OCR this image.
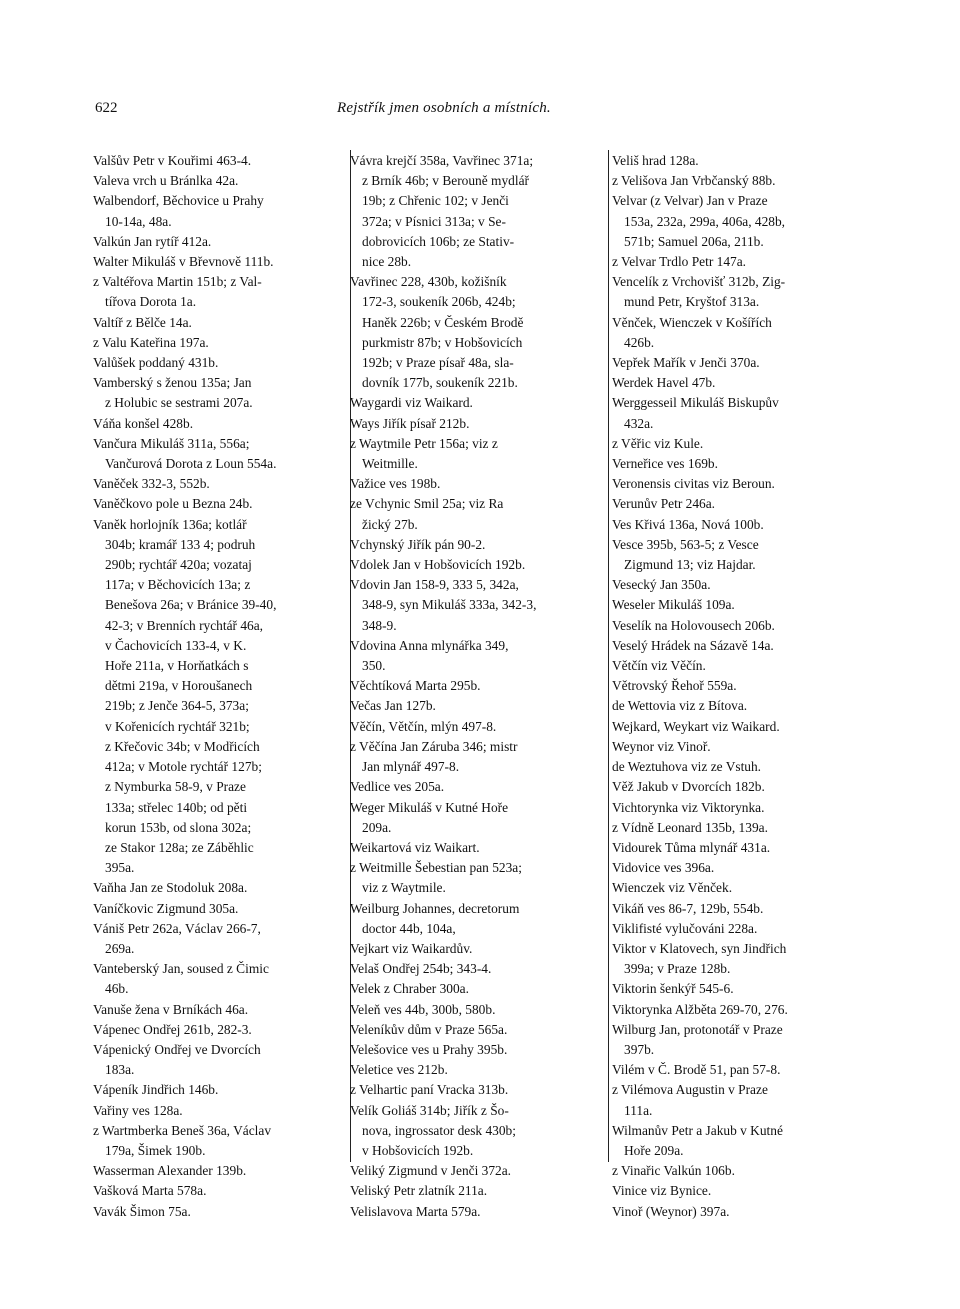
622	Rejstřík jmen osobních a místních.

Valšův Petr v Kouřimi 463-4.

Valeva vrch u Bránlka 42a.

Walbendorf, Běchovice u Prahy
10-14a, 48a.

Valkún Jan rytíř 412a.

Walter Mikuláš v Břevnově 111b.

z Valtéřova Martin 151b; z Val-
tířova Dorota 1a.

Valtíř z Bělče 14a.

z Valu Kateřina 197a.

Valůšek poddaný 431b.

Vamberský s ženou 135a; Jan
z Holubic se sestrami 207a.

Váňa konšel 428b.

Vančura Mikuláš 311a, 556a;
Vančurová Dorota z Loun 554a.

Vaněček 332-3, 552b.

Vaněčkovo pole u Bezna 24b.

Vaněk horlojník 136a; kotlář
304b; kramář 133 4; podruh
290b; rychtář 420a; vozataj
117a; v Běchovicích 13a; z
Benešova 26a; v Bránice 39-40,
42-3; v Brenních rychtář 46a,
v Čachovicích 133-4, v K.
Hoře 211a, v Horňatkách s
dětmi 219a, v Horoušanech
219b; z Jenče 364-5, 373a;
v Kořenicích rychtář 321b;
z Křečovic 34b; v Modřicích
412a; v Motole rychtář 127b;
z Nymburka 58-9, v Praze
133a; střelec 140b; od pěti
korun 153b, od slona 302a;
ze Stakor 128a; ze Záběhlic
395a.

Vaňha Jan ze Stodoluk 208a.

Vaníčkovic Zigmund 305a.

Vániš Petr 262a, Václav 266-7,
269a.

Vanteberský Jan, soused z Čimic
46b.

Vanuše žena v Brníkách 46a.

Vápenec Ondřej 261b, 282-3.

Vápenický Ondřej ve Dvorcích
183a.

Vápeník Jindřich 146b.

Vařiny ves 128a.

z Wartmberka Beneš 36a, Václav
179a, Šimek 190b.

Wasserman Alexander 139b.

Vašková Marta 578a.

Vavák Šimon 75a.

Vávra krejčí 358a, Vavřinec 371a;
z Brník 46b; v Berouně mydlář
19b; z Chřenic 102; v Jenči
372a; v Písnici 313a; v Se-
dobrovicích 106b; ze Stativ-
nice 28b.

Vavřinec 228, 430b, kožišník
172-3, soukeník 206b, 424b;
Haněk 226b; v Českém Brodě
purkmistr 87b; v Hobšovicích
192b; v Praze písař 48a, sla-
dovník 177b, soukeník 221b.

Waygardi viz Waikard.

Ways Jiřík písař 212b.

z Waytmile Petr 156a; viz z
Weitmille.

Važice ves 198b.

ze Vchynic Smil 25a; viz Ra
žický 27b.

Vchynský Jiřík pán 90-2.

Vdolek Jan v Hobšovicích 192b.

Vdovin Jan 158-9, 333 5, 342a,
348-9, syn Mikuláš 333a, 342-3,
348-9.

Vdovina Anna mlynářka 349,
350.

Věchtíková Marta 295b.

Večas Jan 127b.

Věčín, Větčín, mlýn 497-8.

z Věčína Jan Záruba 346; mistr
Jan mlynář 497-8.

Vedlice ves 205a.

Weger Mikuláš v Kutné Hoře
209a.

Weikartová viz Waikart.

z Weitmille Šebestian pan 523a;
viz z Waytmile.

Weilburg Johannes, decretorum
doctor 44b, 104a,

Vejkart viz Waikardův.

Velaš Ondřej 254b; 343-4.

Velek z Chraber 300a.

Veleň ves 44b, 300b, 580b.

Veleníkův dům v Praze 565a.

Velešovice ves u Prahy 395b.

Veletice ves 212b.

z Velhartic paní Vracka 313b.

Velík Goliáš 314b; Jiřík z Šo-
nova, ingrossator desk 430b;
v Hobšovicích 192b.

Veliký Zigmund v Jenči 372a.

Veliský Petr zlatník 211a.

Velislavova Marta 579a.

Veliš hrad 128a.

z Velišova Jan Vrbčanský 88b.

Velvar (z Velvar) Jan v Praze
153a, 232a, 299a, 406a, 428b,
571b; Samuel 206a, 211b.

z Velvar Trdlo Petr 147a.

Vencelík z Vrchovišť 312b, Zig-
mund Petr, Kryštof 313a.

Věnček, Wienczek v Košířích
426b.

Vepřek Mařík v Jenči 370a.

Werdek Havel 47b.

Werggesseil Mikuláš Biskupův
432a.

z Věřic viz Kule.

Verneřice ves 169b.

Veronensis civitas viz Beroun.

Verunův Petr 246a.

Ves Křivá 136a, Nová 100b.

Vesce 395b, 563-5; z Vesce
Zigmund 13; viz Hajdar.

Vesecký Jan 350a.

Weseler Mikuláš 109a.

Veselík na Holovousech 206b.

Veselý Hrádek na Sázavě 14a.

Větčín viz Věčín.

Větrovský Řehoř 559a.

de Wettovia viz z Bítova.

Wejkard, Weykart viz Waikard.

Weynor viz Vinoř.

de Weztuhova viz ze Vstuh.

Věž Jakub v Dvorcích 182b.

Vichtorynka viz Viktorynka.

z Vídně Leonard 135b, 139a.

Vidourek Tůma mlynář 431a.

Vidovice ves 396a.

Wienczek viz Věnček.

Vikáň ves 86-7, 129b, 554b.

Viklifisté vylučováni 228a.

Viktor v Klatovech, syn Jindřich
399a; v Praze 128b.

Viktorin šenkýř 545-6.

Viktorynka Alžběta 269-70, 276.

Wilburg Jan, protonotář v Praze
397b.

Vilém v Č. Brodě 51, pan 57-8.

z Vilémova Augustin v Praze
111a.

Wilmanův Petr a Jakub v Kutné
Hoře 209a.

z Vinařic Valkún 106b.

Vinice viz Bynice.

Vinoř (Weynor) 397a.
